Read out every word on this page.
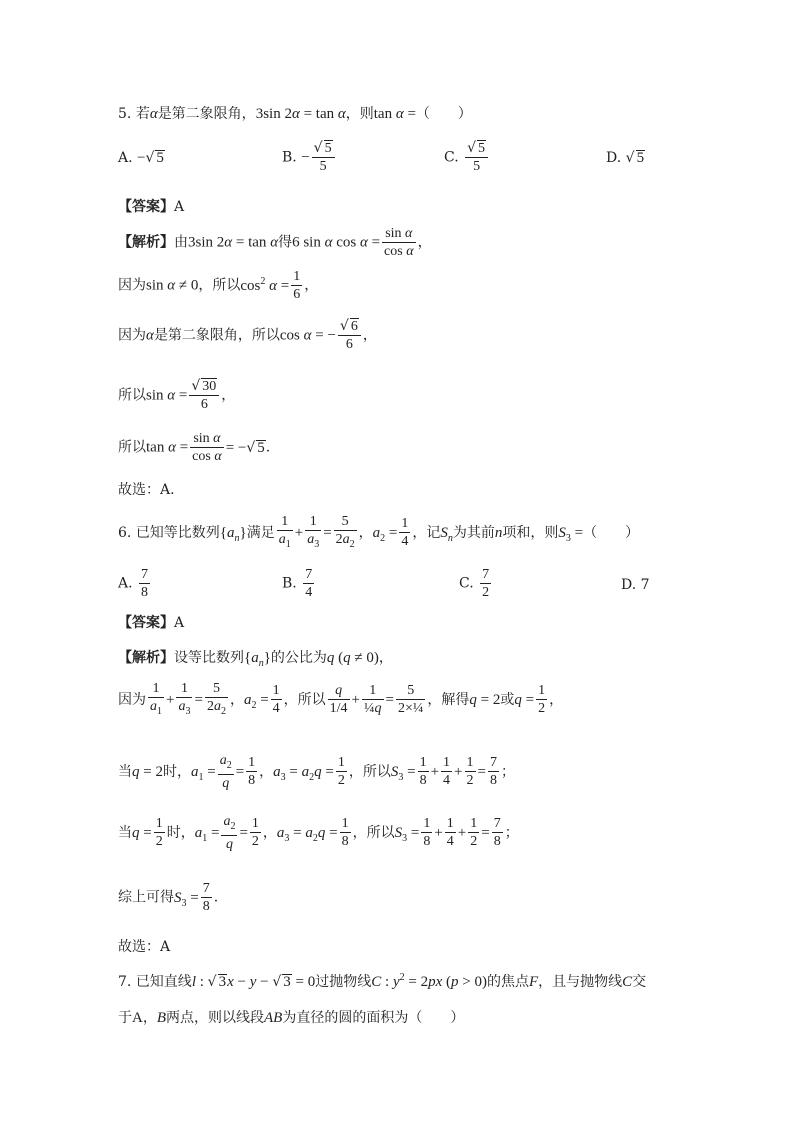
5. 若α是第二象限角，3sin 2α = tan α，则tan α =（　　）
A. −√ 5	B. − $\frac{√ 5}{5}$	C. $\frac{√ 5}{5}$	D. √ 5
【答案】A
【解析】由3sin 2α = tan α得6 sin α $\cos \alpha = \frac{\text{sin α}}{\text{cos α}}$ ，
因为sin α ≠ 0，所以$\cos^2 \alpha = \frac{1}{6}$ ，
因为α是第二象限角，所以cos α = − $\frac{√ 6}{6}$ ，
所以$\sin \alpha = \frac{√ 30}{6}$ ，
所以$\tan \alpha = \frac{\text{sin α}}{\text{cos α}}$ = −√ 5.
故选：A.
6. 已知等比数列$\{a_n\}$满足 $\frac{1}{a_1} + \frac{1}{a_3} = \frac{5}{2a_2}$ ，$a_2 = \frac{1}{4}$ ，记$S_n$为其前n项和，则$S_3$ =（　　）
A. $\frac{7}{8}$	B. $\frac{7}{4}$	C. $\frac{7}{2}$	D. 7
【答案】A
【解析】设等比数列$\{a_n\}$的公比为q (q ≠ 0)，
因为 $\frac{1}{a_1} + \frac{1}{a_3} = \frac{5}{2a_2}$ ，$a_2 = \frac{1}{4}$ ，所以 $\frac{q}{1/4} + \frac{1}{\text{¼q}} = \frac{5}{\text{2×¼}}$ ，解得q = 2或$q = \frac{1}{2}$ ，
当q = 2时，$a_1 = \frac{a_2}{q} = \frac{1}{8}$ ，$a_3 = a_2q = \frac{1}{2}$ ，所以$S_3 = \frac{1}{8} + \frac{1}{4} + \frac{1}{2} = \frac{7}{8}$ ；
当$q = \frac{1}{2}$ 时，$a_1 = \frac{a_2}{q} = \frac{1}{2}$ ，$a_3 = a_2q = \frac{1}{8}$ ，所以$S_3 = \frac{1}{8} + \frac{1}{4} + \frac{1}{2} = \frac{7}{8}$ ；
综上可得$S_3 = \frac{7}{8}$ .
故选：A
7. 已知直线l : √ 3x − y − √ 3 = 0过抛物线C : $y^2 = 2px$ (p > 0)的焦点F，且与抛物线C交
于A，B两点，则以线段AB为直径的圆的面积为（　　）
